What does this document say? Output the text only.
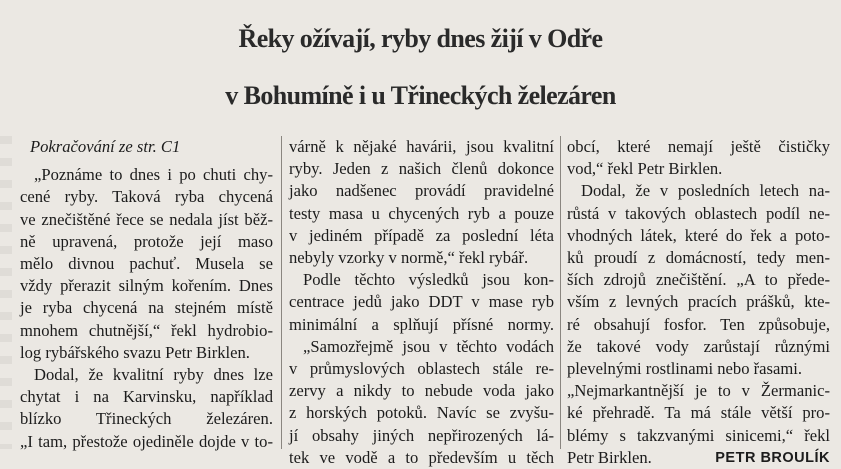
Řeky ožívají, ryby dnes žijí v Odře
v Bohumíně i u Třineckých železáren

Pokračování ze str. C1

„Poznáme to dnes i po chuti chy-
cené ryby. Taková ryba chycená
ve znečištěné řece se nedala jíst běž-
ně upravená, protože její maso
mělo divnou pachuť. Musela se
vždy přerazit silným kořením. Dnes
je ryba chycená na stejném místě
mnohem chutnější,“ řekl hydrobio-
log rybářského svazu Petr Birklen.
Dodal, že kvalitní ryby dnes lze
chytat i na Karvinsku, například
blízko Třineckých železáren.
„I tam, přestože ojediněle dojde v to-
várně k nějaké havárii, jsou kvalitní
ryby. Jeden z našich členů dokonce
jako nadšenec provádí pravidelné
testy masa u chycených ryb a pouze
v jediném případě za poslední léta
nebyly vzorky v normě,“ řekl rybář.
Podle těchto výsledků jsou kon-
centrace jedů jako DDT v mase ryb
minimální a splňují přísné normy.
„Samozřejmě jsou v těchto vodách
v průmyslových oblastech stále re-
zervy a nikdy to nebude voda jako
z horských potoků. Navíc se zvyšu-
jí obsahy jiných nepřirozených lá-
tek ve vodě a to především u těch
obcí, které nemají ještě čističky
vod,“ řekl Petr Birklen.
Dodal, že v posledních letech na-
růstá v takových oblastech podíl ne-
vhodných látek, které do řek a poto-
ků proudí z domácností, tedy men-
ších zdrojů znečištění. „A to přede-
vším z levných pracích prášků, kte-
ré obsahují fosfor. Ten způsobuje,
že takové vody zarůstají různými
plevelnými rostlinami nebo řasami.
„Nejmarkantnější je to v Žermanic-
ké přehradě. Ta má stále větší pro-
blémy s takzvanými sinicemi,“ řekl
Petr Birklen.	PETR BROULÍK
